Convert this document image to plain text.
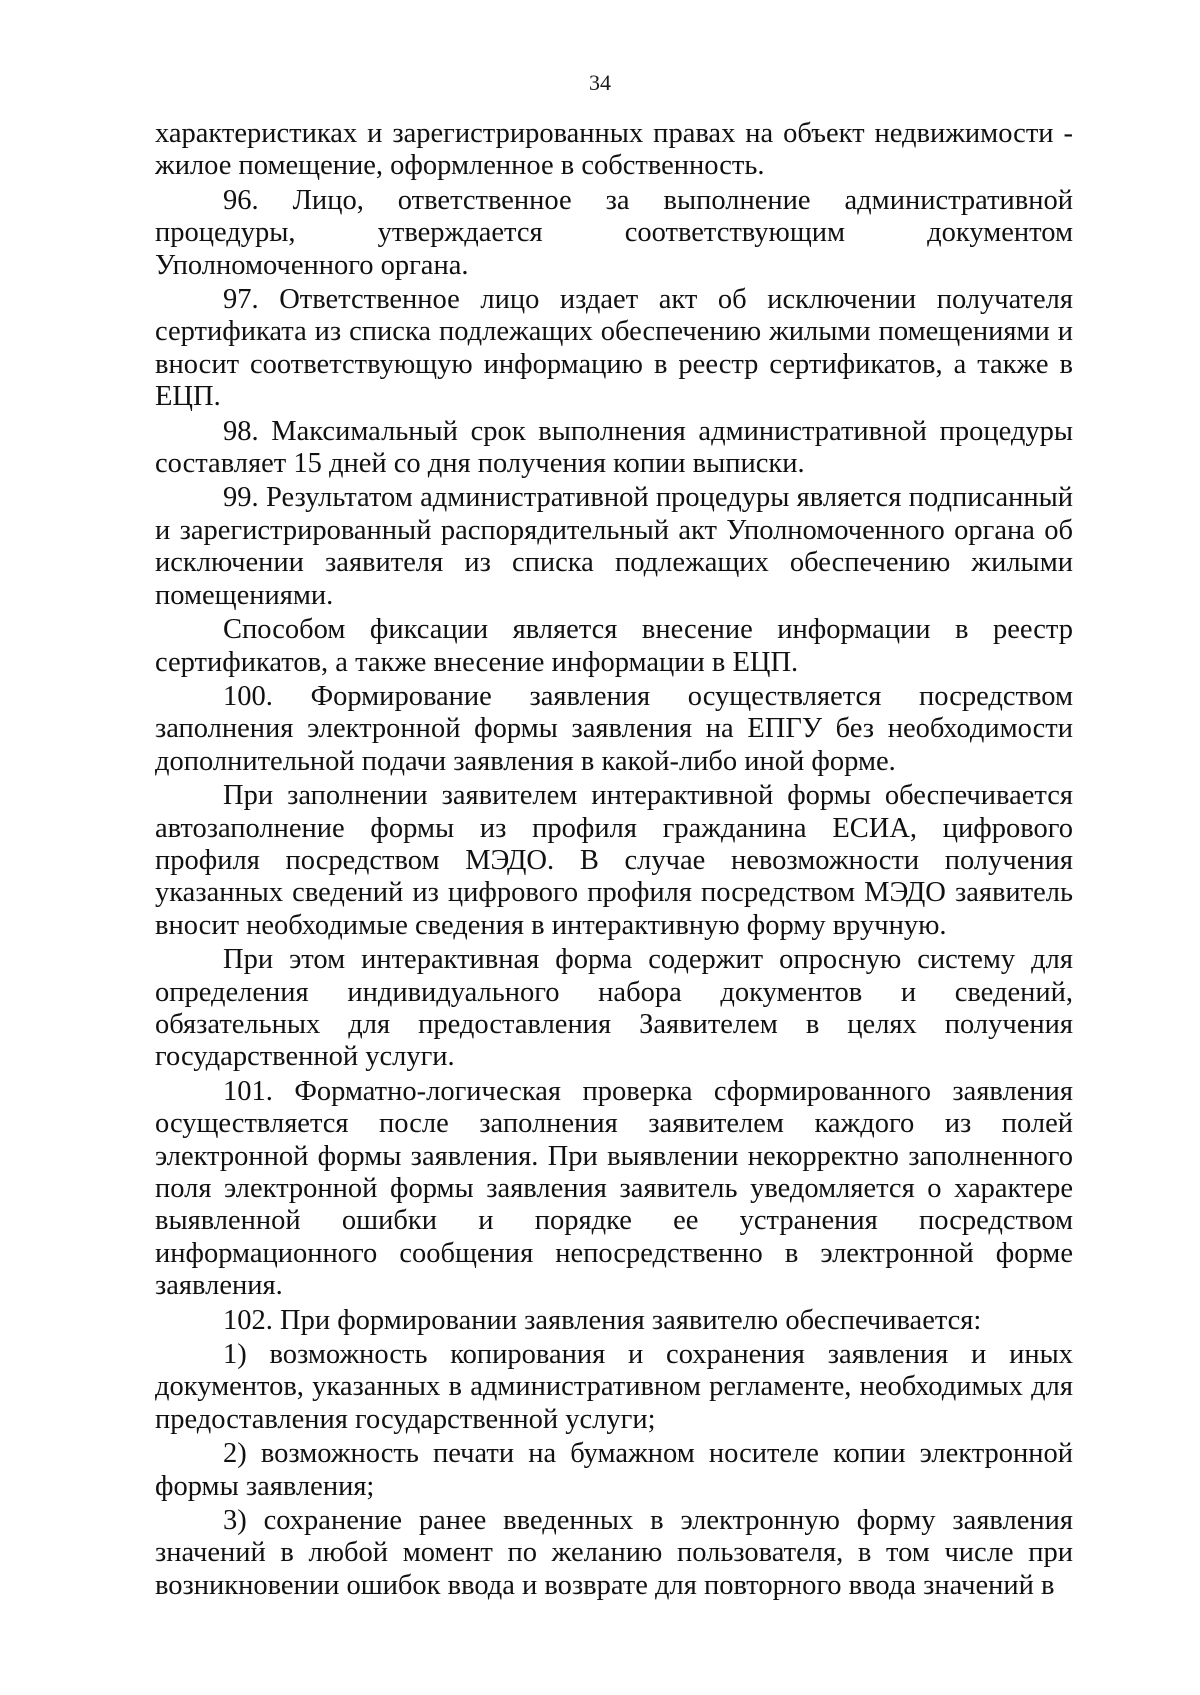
34

характеристиках и зарегистрированных правах на объект недвижимости - жилое помещение, оформленное в собственность.

96. Лицо, ответственное за выполнение административной процедуры, утверждается соответствующим документом Уполномоченного органа.

97. Ответственное лицо издает акт об исключении получателя сертификата из списка подлежащих обеспечению жилыми помещениями и вносит соответствующую информацию в реестр сертификатов, а также в ЕЦП.

98. Максимальный срок выполнения административной процедуры составляет 15 дней со дня получения копии выписки.

99. Результатом административной процедуры является подписанный и зарегистрированный распорядительный акт Уполномоченного органа об исключении заявителя из списка подлежащих обеспечению жилыми помещениями.

Способом фиксации является внесение информации в реестр сертификатов, а также внесение информации в ЕЦП.

100. Формирование заявления осуществляется посредством заполнения электронной формы заявления на ЕПГУ без необходимости дополнительной подачи заявления в какой-либо иной форме.

При заполнении заявителем интерактивной формы обеспечивается автозаполнение формы из профиля гражданина ЕСИА, цифрового профиля посредством МЭДО. В случае невозможности получения указанных сведений из цифрового профиля посредством МЭДО заявитель вносит необходимые сведения в интерактивную форму вручную.

При этом интерактивная форма содержит опросную систему для определения индивидуального набора документов и сведений, обязательных для предоставления Заявителем в целях получения государственной услуги.

101. Форматно-логическая проверка сформированного заявления осуществляется после заполнения заявителем каждого из полей электронной формы заявления. При выявлении некорректно заполненного поля электронной формы заявления заявитель уведомляется о характере выявленной ошибки и порядке ее устранения посредством информационного сообщения непосредственно в электронной форме заявления.

102. При формировании заявления заявителю обеспечивается:

1) возможность копирования и сохранения заявления и иных документов, указанных в административном регламенте, необходимых для предоставления государственной услуги;

2) возможность печати на бумажном носителе копии электронной формы заявления;

3) сохранение ранее введенных в электронную форму заявления значений в любой момент по желанию пользователя, в том числе при возникновении ошибок ввода и возврате для повторного ввода значений в
